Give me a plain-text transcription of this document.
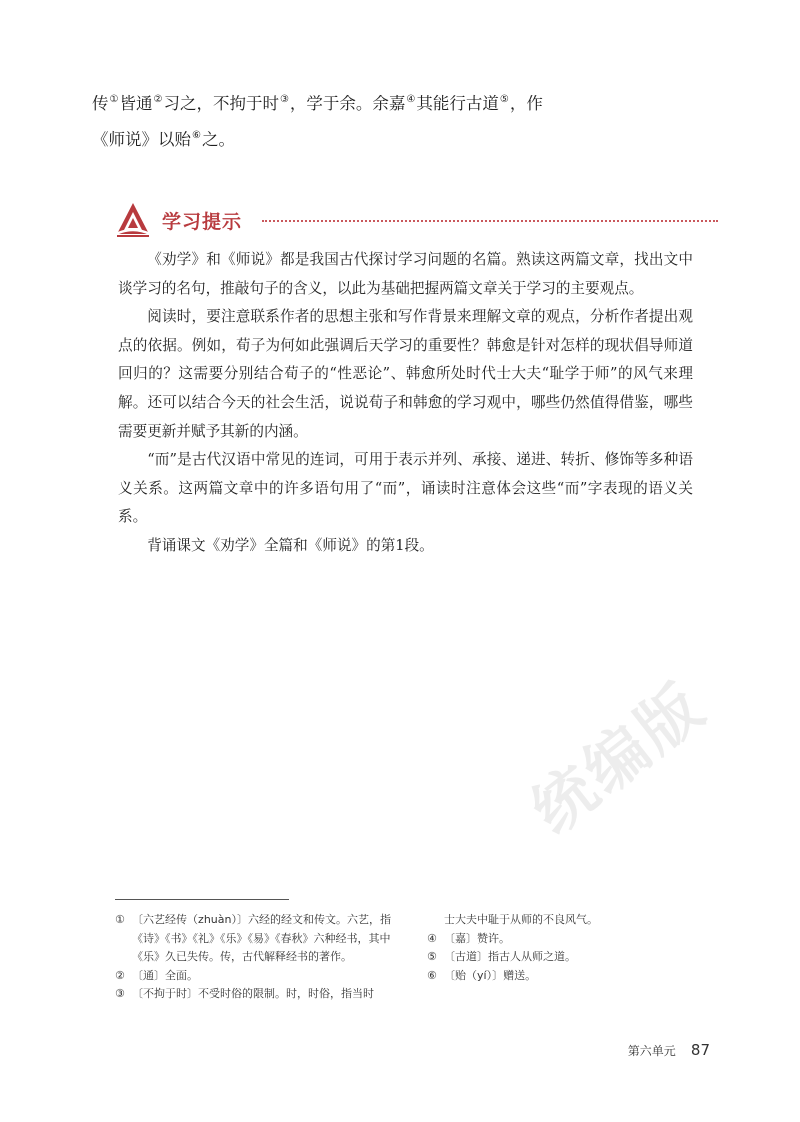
传①皆通②习之，不拘于时③，学于余。余嘉④其能行古道⑤，作
《师说》以贻⑥之。
学习提示

《劝学》和《师说》都是我国古代探讨学习问题的名篇。熟读这两篇文章，找出文中谈学习的名句，推敲句子的含义，以此为基础把握两篇文章关于学习的主要观点。

阅读时，要注意联系作者的思想主张和写作背景来理解文章的观点，分析作者提出观点的依据。例如，荀子为何如此强调后天学习的重要性？韩愈是针对怎样的现状倡导师道回归的？这需要分别结合荀子的“性恶论”、韩愈所处时代士大夫“耻学于师”的风气来理解。还可以结合今天的社会生活，说说荀子和韩愈的学习观中，哪些仍然值得借鉴，哪些需要更新并赋予其新的内涵。

“而”是古代汉语中常见的连词，可用于表示并列、承接、递进、转折、修饰等多种语义关系。这两篇文章中的许多语句用了“而”，诵读时注意体会这些“而”字表现的语义关系。

背诵课文《劝学》全篇和《师说》的第1段。

① 〔六艺经传（zhuàn）〕六经的经文和传文。六艺，指《诗》《书》《礼》《乐》《易》《春秋》六种经书，其中《乐》久已失传。传，古代解释经书的著作。
② 〔通〕全面。
③ 〔不拘于时〕不受时俗的限制。时，时俗，指当时
士大夫中耻于从师的不良风气。
④ 〔嘉〕赞许。
⑤ 〔古道〕指古人从师之道。
⑥ 〔贻（yí）〕赠送。
统编版
第六单元 87
